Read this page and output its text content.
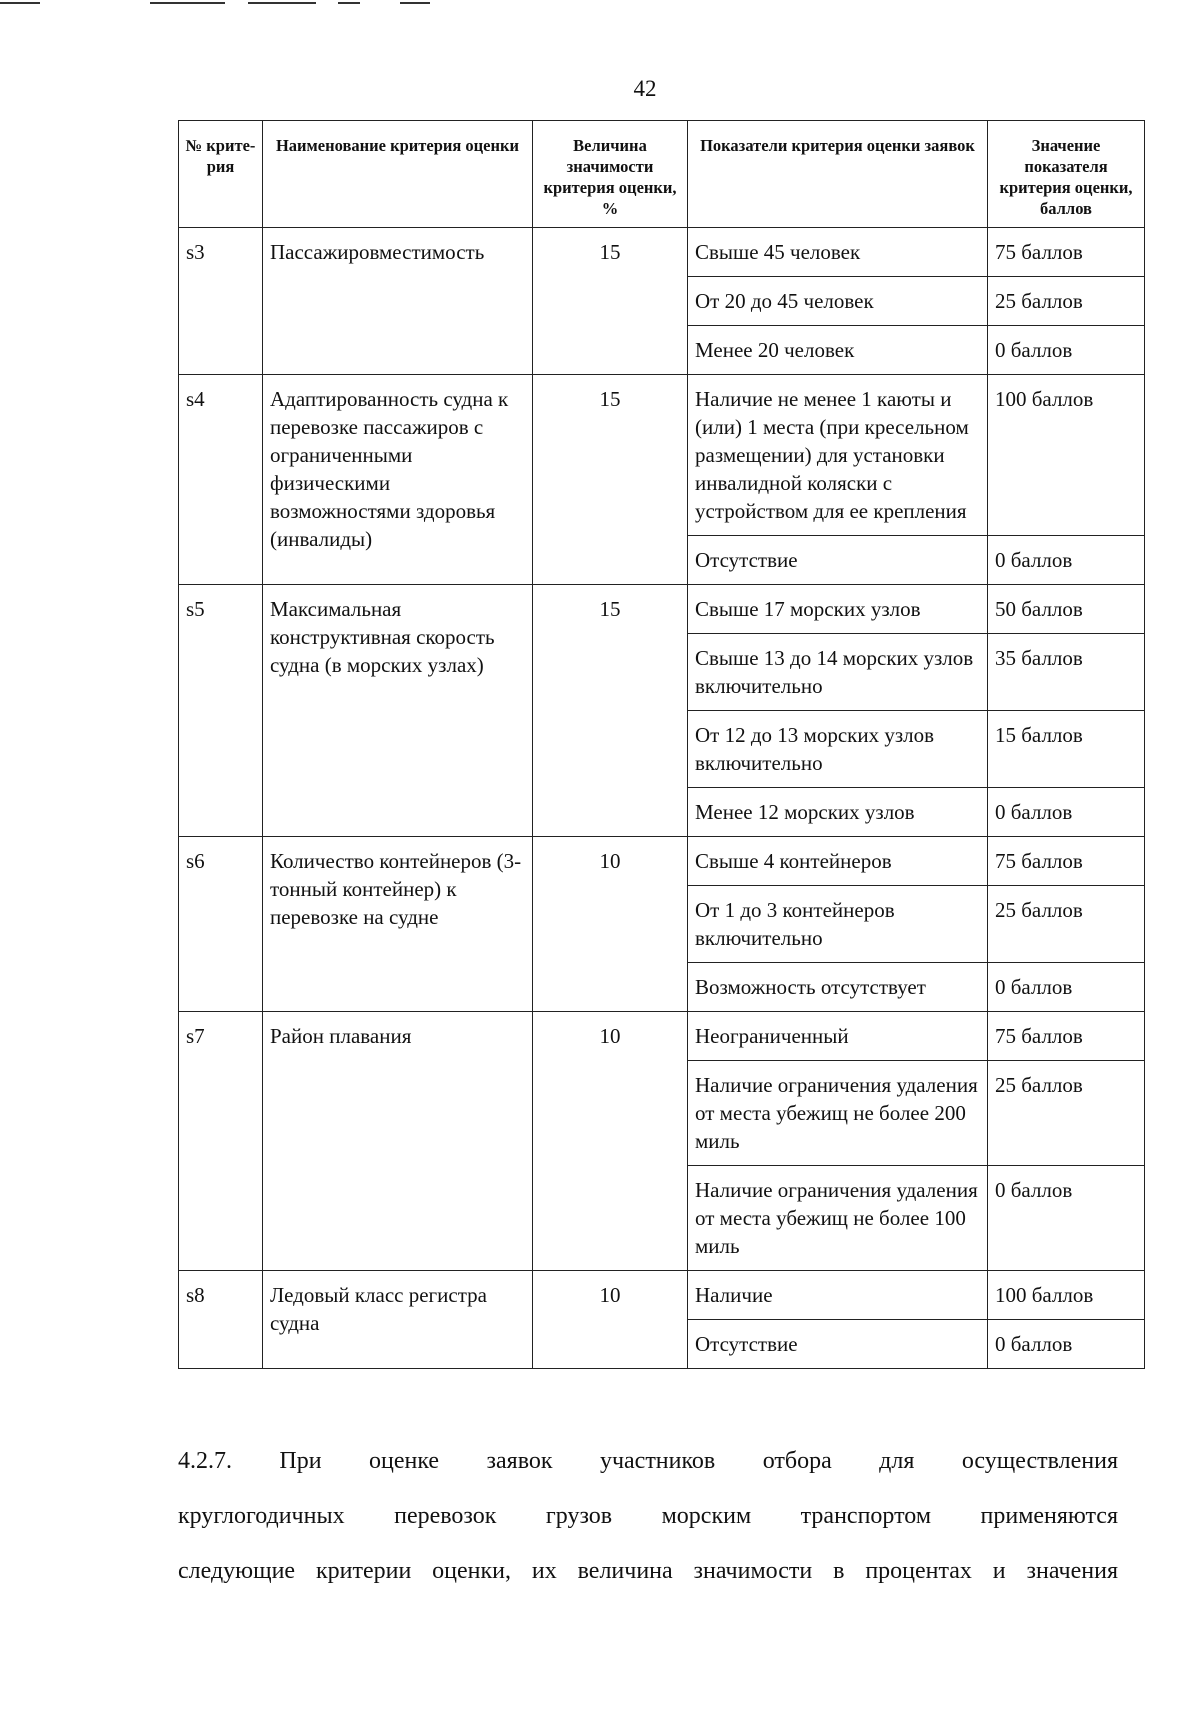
42
№ крите-рия	Наименование критерия оценки	Величина значимости критерия оценки, %	Показатели критерия оценки заявок	Значение показателя критерия оценки, баллов
s3	Пассажировместимость	15	Свыше 45 человек	75 баллов
			От 20 до 45 человек	25 баллов
			Менее 20 человек	0 баллов
s4	Адаптированность судна к перевозке пассажиров с ограниченными физическими возможностями здоровья (инвалиды)	15	Наличие не менее 1 каюты и (или) 1 места (при кресельном размещении) для установки инвалидной коляски с устройством для ее крепления	100 баллов
			Отсутствие	0 баллов
s5	Максимальная конструктивная скорость судна (в морских узлах)	15	Свыше 17 морских узлов	50 баллов
			Свыше 13 до 14 морских узлов включительно	35 баллов
			От 12 до 13 морских узлов включительно	15 баллов
			Менее 12 морских узлов	0 баллов
s6	Количество контейнеров (3-тонный контейнер) к перевозке на судне	10	Свыше 4 контейнеров	75 баллов
			От 1 до 3 контейнеров включительно	25 баллов
			Возможность отсутствует	0 баллов
s7	Район плавания	10	Неограниченный	75 баллов
			Наличие ограничения удаления от места убежищ не более 200 миль	25 баллов
			Наличие ограничения удаления от места убежищ не более 100 миль	0 баллов
s8	Ледовый класс регистра судна	10	Наличие	100 баллов
			Отсутствие	0 баллов
4.2.7. При оценке заявок участников отбора для осуществления
круглогодичных перевозок грузов морским транспортом применяются
следующие критерии оценки, их величина значимости в процентах и значения
